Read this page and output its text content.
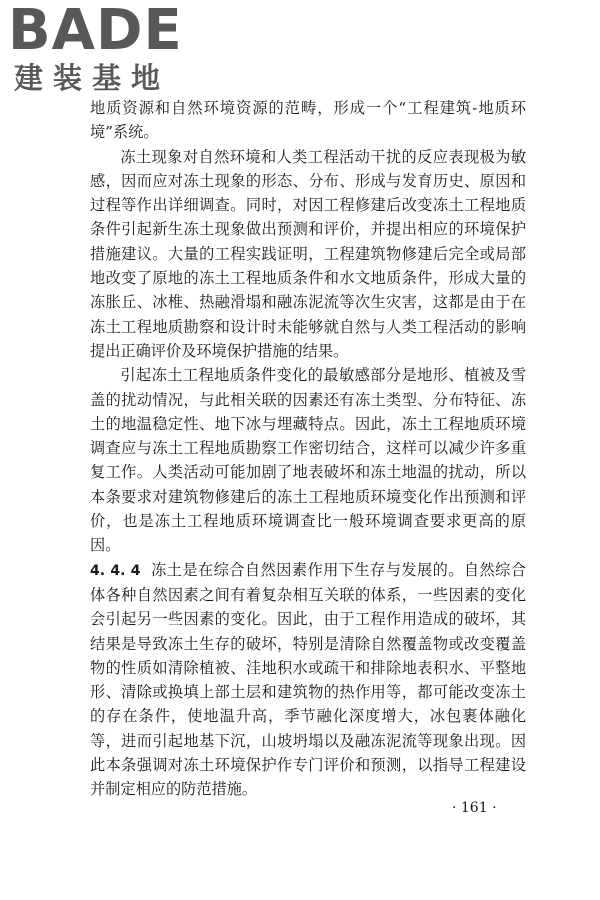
BADE
建装基地

地质资源和自然环境资源的范畴，形成一个“工程建筑-地质环境”系统。

冻土现象对自然环境和人类工程活动干扰的反应表现极为敏感，因而应对冻土现象的形态、分布、形成与发育历史、原因和过程等作出详细调查。同时，对因工程修建后改变冻土工程地质条件引起新生冻土现象做出预测和评价，并提出相应的环境保护措施建议。大量的工程实践证明，工程建筑物修建后完全或局部地改变了原地的冻土工程地质条件和水文地质条件，形成大量的冻胀丘、冰椎、热融滑塌和融冻泥流等次生灾害，这都是由于在冻土工程地质勘察和设计时未能够就自然与人类工程活动的影响提出正确评价及环境保护措施的结果。

引起冻土工程地质条件变化的最敏感部分是地形、植被及雪盖的扰动情况，与此相关联的因素还有冻土类型、分布特征、冻土的地温稳定性、地下冰与埋藏特点。因此，冻土工程地质环境调查应与冻土工程地质勘察工作密切结合，这样可以减少许多重复工作。人类活动可能加剧了地表破坏和冻土地温的扰动，所以本条要求对建筑物修建后的冻土工程地质环境变化作出预测和评价，也是冻土工程地质环境调查比一般环境调查要求更高的原因。

4. 4. 4 冻土是在综合自然因素作用下生存与发展的。自然综合体各种自然因素之间有着复杂相互关联的体系，一些因素的变化会引起另一些因素的变化。因此，由于工程作用造成的破坏，其结果是导致冻土生存的破坏，特别是清除自然覆盖物或改变覆盖物的性质如清除植被、洼地积水或疏干和排除地表积水、平整地形、清除或换填上部土层和建筑物的热作用等，都可能改变冻土的存在条件，使地温升高，季节融化深度增大，冰包裹体融化等，进而引起地基下沉，山坡坍塌以及融冻泥流等现象出现。因此本条强调对冻土环境保护作专门评价和预测，以指导工程建设并制定相应的防范措施。

· 161 ·
